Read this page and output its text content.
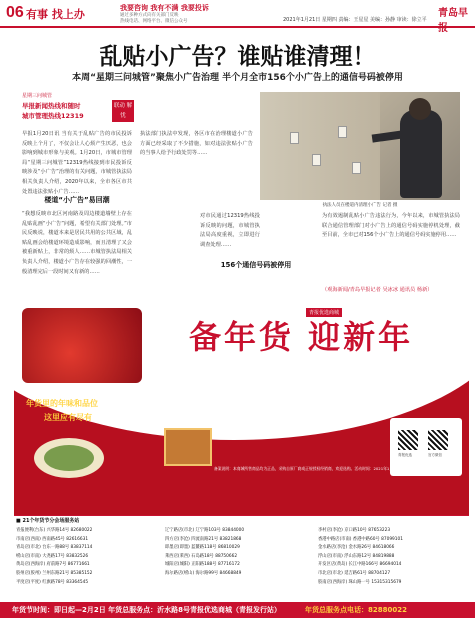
06 有事 找上办	我要咨询 我有不满 我要投诉
通过多种方式向有关部门反映
热线电话、网络平台、微信公众号	2021年1月21日 星期四 责编：王星星 美编：孙静 审读：徐立平
青岛早报
乱贴小广告？谁贴谁清理！
本周“星期三问城管”聚焦小广告治理 半个月全市156个小广告上的通信号码被停用
星期三问城管
早报新闻热线和随时
城市管理热线12319
联动 解忧
早报1月20日讯 当有关于乱贴广告的市民投诉反映上个月了，不仅会让人心烦产生厌恶，也会影响到城市形象与美观。1月20日，市城市管理局“星期三问城管”12319热线接到市民投诉反映涉及“小广告”治理的有关问题，市城管执法局相关负责人介绍，2020年以来，全市各区市共处置违法张贴小广告……
楼道“小广告”易回潮
“我想反映市北区河南路及周边楼道墙壁上存在乱贴乱画“小广告”问题，希望有关部门处理。”市民反映说，楼道本来是居民共用的公共区域，乱贴乱画会给楼道环境造成影响，而且清理了又会被重新贴上，非常的烦人……市城管执法局相关负责人介绍，楼道小广告存在较强的回潮性，一般清理完后一段时间又有新的……
执法部门执法中发现，各区市在治理楼道小广告方面已经采取了不少措施，如对违法张贴小广告的当事人给予行政处罚等……
执法人员在楼道内清理小广告 记者 摄
对市民通过12319热线投诉反映的问题，市城管执法局高度重视，立即进行调查处理……
156个通信号码被停用
为有效遏制乱贴小广告违法行为，今年以来，市城管执法局联合通信管理部门对小广告上的通信号码实施停机处理，截至目前，全市已对156个小广告上的通信号码实施停用……
（观海新闻/青岛早报记者 吴冰冰 通讯员 杨新）
备年货 迎新年
青报优选商城
青报优选商城年货节邀您来选年货啦！
青报优选商城是青岛日报报业集团官方商城平台，年
货节期间，全场商品限时优惠，满减、包邮，还有更多惊喜等你来！
精品年货、实惠多多、让您的年更加有滋有味！
年货里的年味和品位
这里应有尽有
青报优选	官方微信
备案说明：本商城所售商品均为正品，采购自原厂商或正规授权经销商，欢迎选购。活动时间：2021年1月20日—2月10日，详情请咨询客服热线。
■ 21个年货节分会场服务站
青报便利(台东) 兴华路14号 82680022
市南店(西南) 西南路45号 82616631
青岛店(市北) 台东一路88号 83837114
崂山店(市南) 大尧路17号 83832526
黄岛店(西海岸) 府前路7号 86771661
胶州店(胶州) 兰州东路21号 85385152
平度店(平度) 红旗路78号 83364545
辽宁路店(市北) 辽宁路103号 83844000
四方店(李沧) 四流南路21号 83821868
即墨店(即墨) 蓝鳌路118号 86810029
莱西店(莱西) 石岛路18号 88750662
城阳店(城阳) 正阳路188号 87716172
海尔路店(崂山) 海尔路99号 84668849
李村店(李沧) 京口路10号 87653223
香港中路店(市南) 香港中路60号 87099101
金水路店(李沧) 金水路26号 84618066
浮山店(市南) 浮山东路12号 84819888
开发区店(黄岛) 长江中路166号 86694014
市北店(市北) 延吉路61号 88704127
胶南店(西海岸) 珠山路一号 15315315679
年货节时间：即日起—2月2日 年货总服务点：沂水路8号青报优选商城（青报发行站）	年货总服务点电话：82880022
